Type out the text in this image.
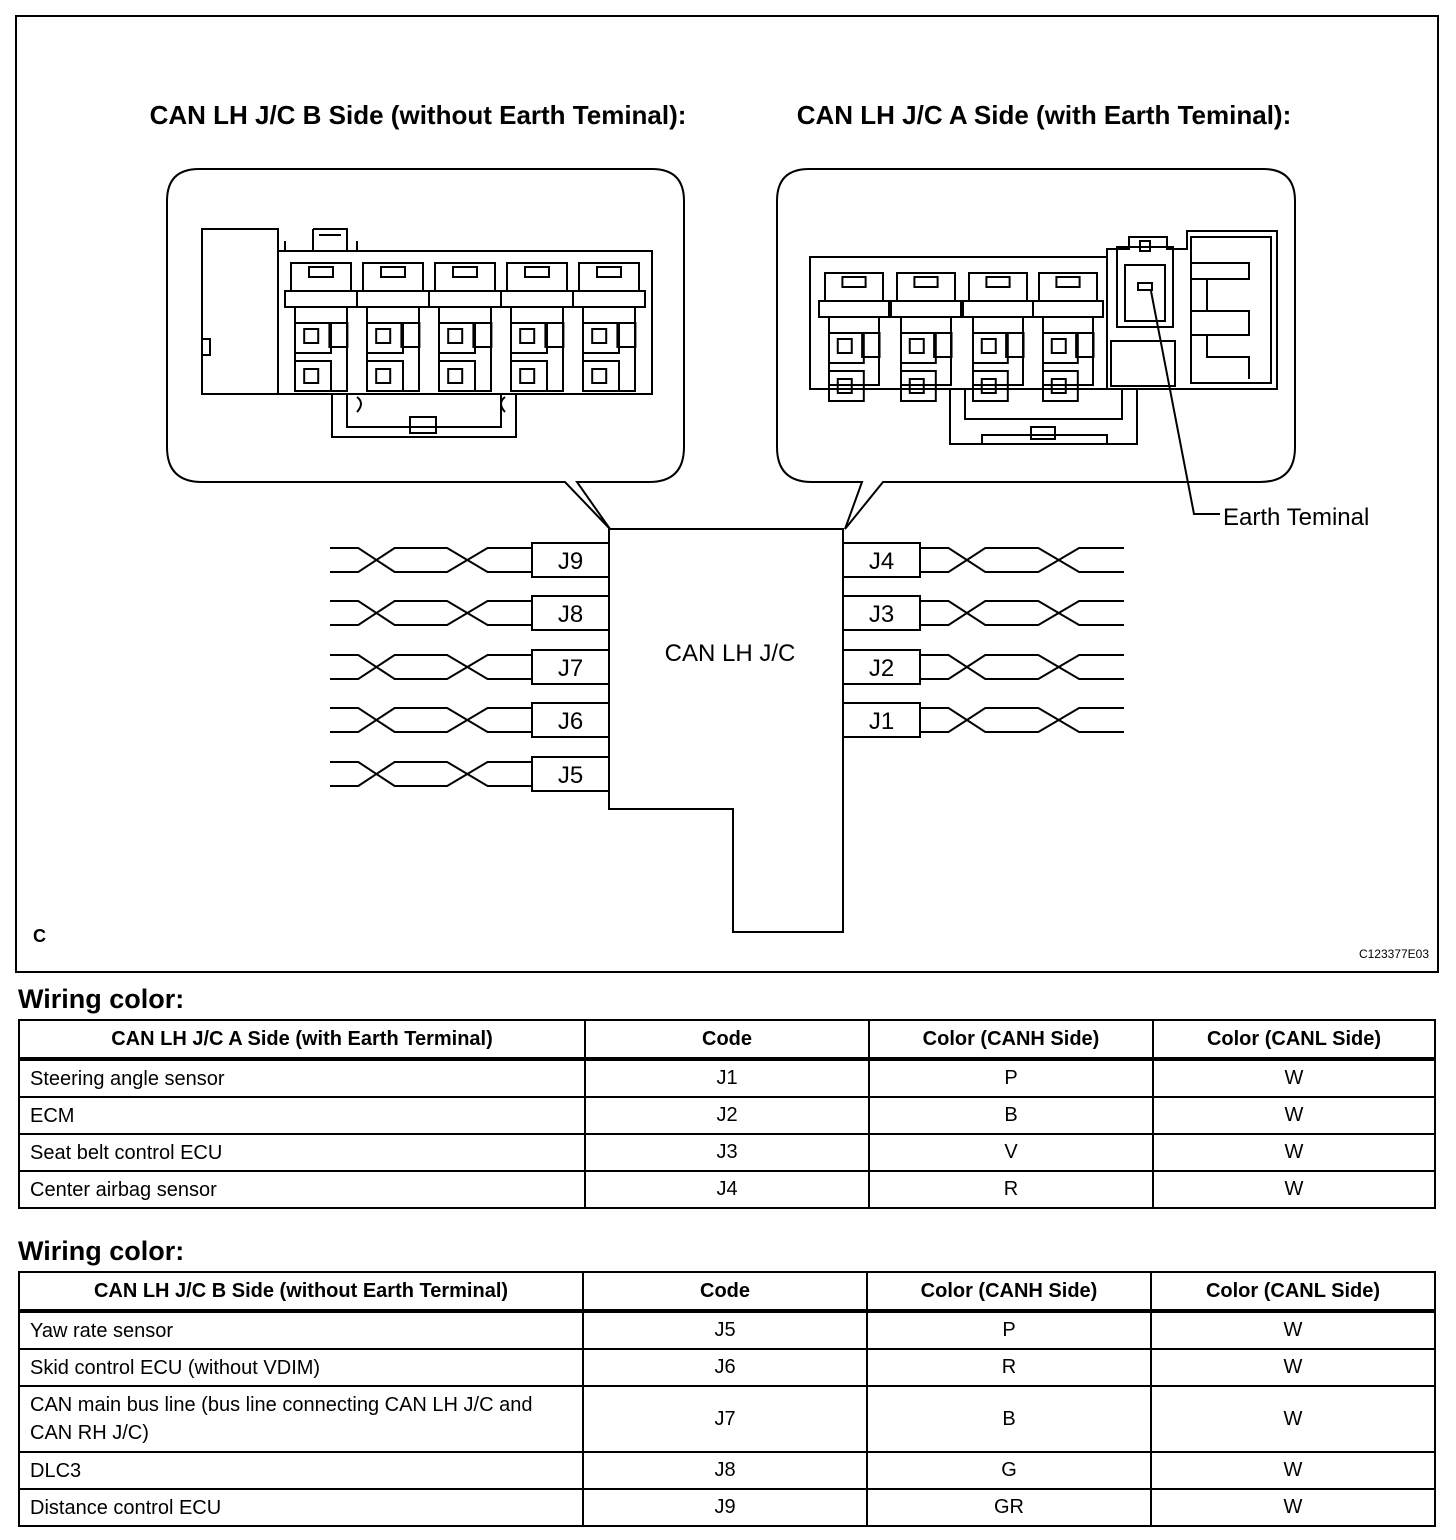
J9
J8
J7
J6
J5
J4
J3
J2
J1
CAN LH J/C B Side (without Earth Teminal):	CAN LH J/C A Side (with Earth Teminal):
CAN LH J/C
Earth Teminal
C
C123377E03
Wiring color:
CAN LH J/C A Side (with Earth Terminal)	Code	Color (CANH Side)	Color (CANL Side)
Steering angle sensor	J1	P	W
ECM	J2	B	W
Seat belt control ECU	J3	V	W
Center airbag sensor	J4	R	W
Wiring color:
CAN LH J/C B Side (without Earth Terminal)	Code	Color (CANH Side)	Color (CANL Side)
Yaw rate sensor	J5	P	W
Skid control ECU (without VDIM)	J6	R	W
CAN main bus line (bus line connecting CAN LH J/C and CAN RH J/C)	J7	B	W
DLC3	J8	G	W
Distance control ECU	J9	GR	W
